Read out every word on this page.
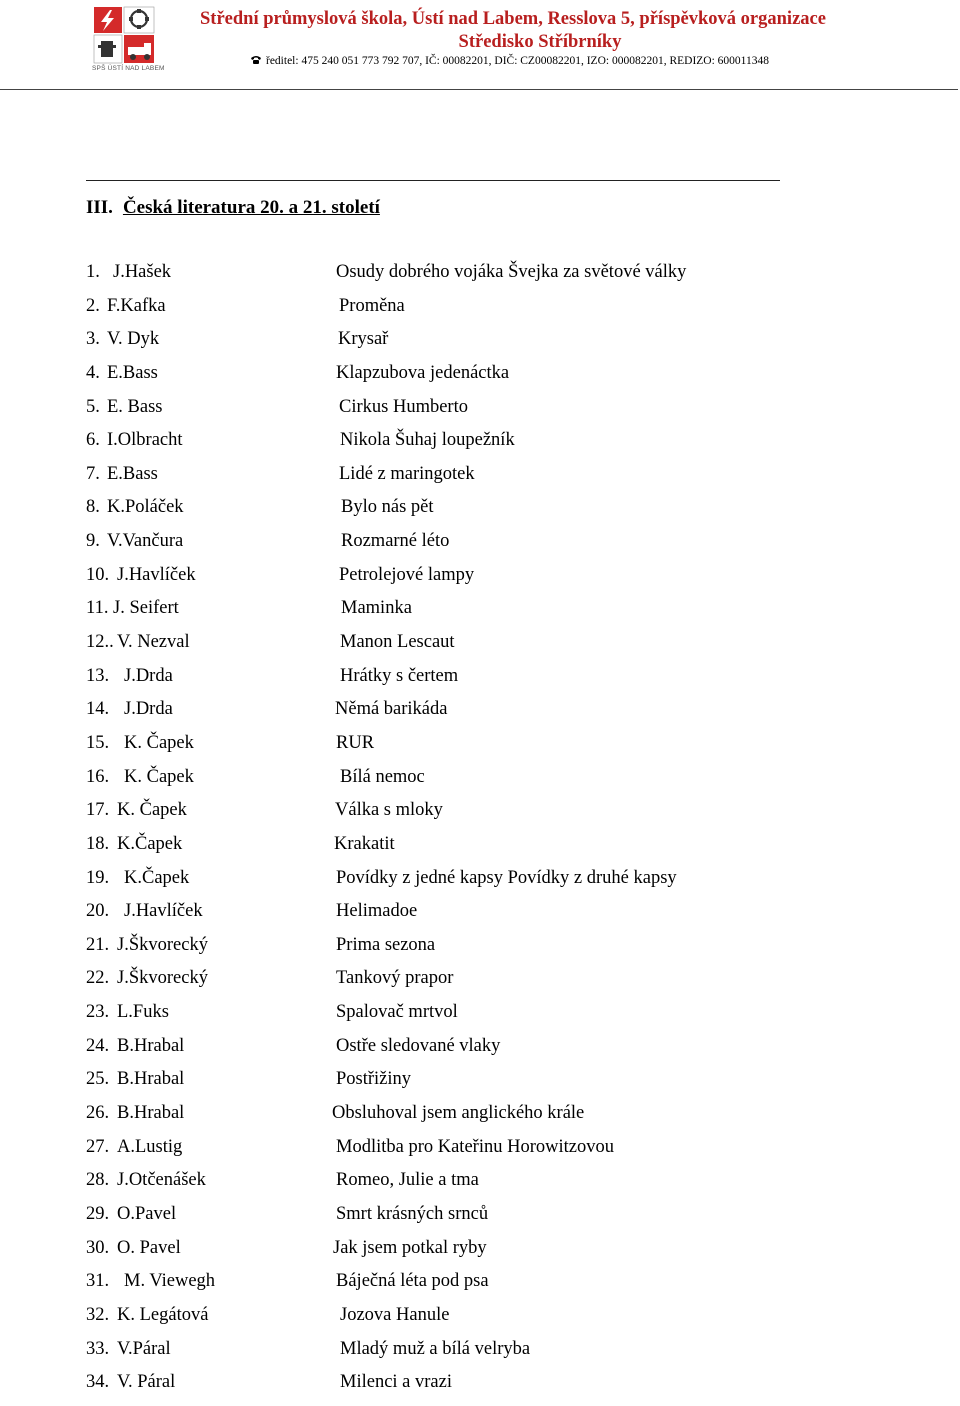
SPŠ ÚSTÍ NAD LABEM
Střední průmyslová škola, Ústí nad Labem, Resslova 5, příspěvková organizace
Středisko Stříbrníky
ředitel: 475 240 051 773 792 707, IČ: 00082201, DIČ: CZ00082201, IZO: 000082201, REDIZO: 600011348
III. Česká literatura 20. a 21. století
1. J.Hašek	Osudy dobrého vojáka Švejka za světové války
2. F.Kafka	Proměna
3. V. Dyk	Krysař
4. E.Bass	Klapzubova jedenáctka
5. E. Bass	Cirkus Humberto
6. I.Olbracht	Nikola Šuhaj loupežník
7. E.Bass	Lidé z maringotek
8. K.Poláček	Bylo nás pět
9. V.Vančura	Rozmarné léto
10. J.Havlíček	Petrolejové lampy
11. J. Seifert	Maminka
12.. V. Nezval	Manon Lescaut
13. J.Drda	Hrátky s čertem
14. J.Drda	Němá barikáda
15. K. Čapek	RUR
16. K. Čapek	Bílá nemoc
17. K. Čapek	Válka s mloky
18. K.Čapek	Krakatit
19. K.Čapek	Povídky z jedné kapsy Povídky z druhé kapsy
20. J.Havlíček	Helimadoe
21. J.Škvorecký	Prima sezona
22. J.Škvorecký	Tankový prapor
23. L.Fuks	Spalovač mrtvol
24. B.Hrabal	Ostře sledované vlaky
25. B.Hrabal	Postřižiny
26. B.Hrabal	Obsluhoval jsem anglického krále
27. A.Lustig	Modlitba pro Kateřinu Horowitzovou
28. J.Otčenášek	Romeo, Julie a tma
29. O.Pavel	Smrt krásných srnců
30. O. Pavel	Jak jsem potkal ryby
31. M. Viewegh	Báječná léta pod psa
32. K. Legátová	Jozova Hanule
33. V.Páral	Mladý muž a bílá velryba
34. V. Páral	Milenci a vrazi
